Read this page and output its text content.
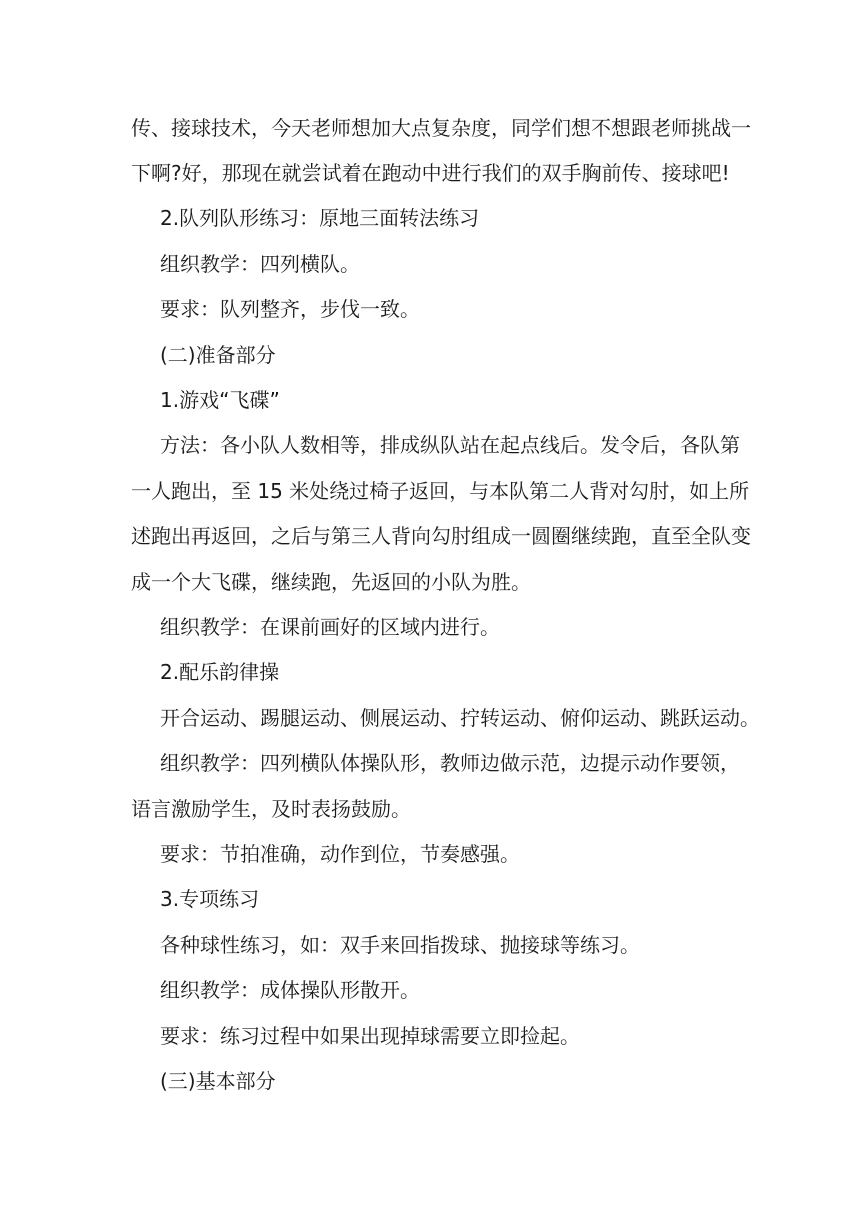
传、接球技术，今天老师想加大点复杂度，同学们想不想跟老师挑战一
下啊?好，那现在就尝试着在跑动中进行我们的双手胸前传、接球吧!
2.队列队形练习：原地三面转法练习
组织教学：四列横队。
要求：队列整齐，步伐一致。
(二)准备部分
1.游戏“飞碟”
方法：各小队人数相等，排成纵队站在起点线后。发令后，各队第
一人跑出，至 15 米处绕过椅子返回，与本队第二人背对勾肘，如上所
述跑出再返回，之后与第三人背向勾肘组成一圆圈继续跑，直至全队变
成一个大飞碟，继续跑，先返回的小队为胜。
组织教学：在课前画好的区域内进行。
2.配乐韵律操
开合运动、踢腿运动、侧展运动、拧转运动、俯仰运动、跳跃运动。
组织教学：四列横队体操队形，教师边做示范，边提示动作要领，
语言激励学生，及时表扬鼓励。
要求：节拍准确，动作到位，节奏感强。
3.专项练习
各种球性练习，如：双手来回指拨球、抛接球等练习。
组织教学：成体操队形散开。
要求：练习过程中如果出现掉球需要立即捡起。
(三)基本部分
